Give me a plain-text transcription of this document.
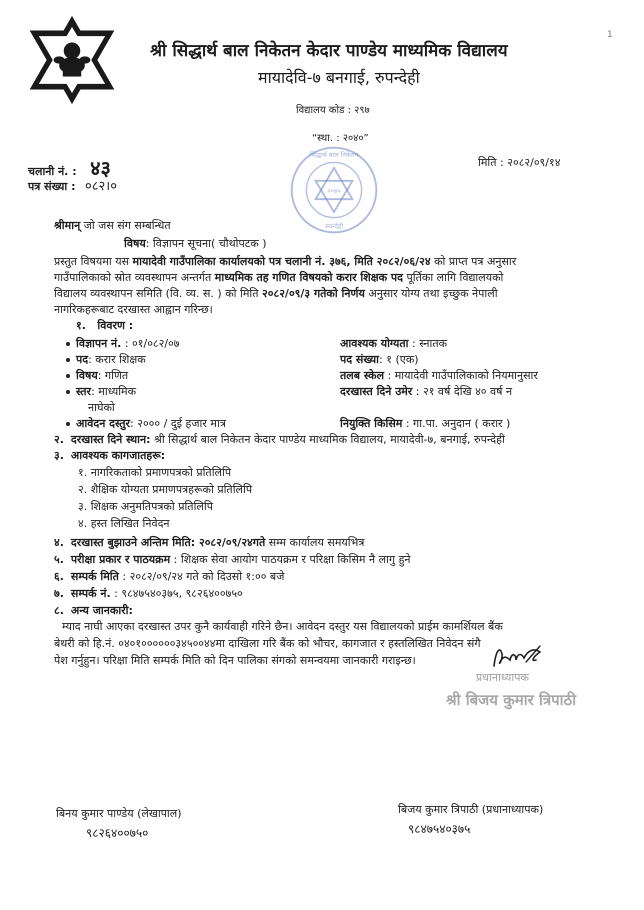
1
श्री सिद्धार्थ बाल निकेतन केदार पाण्डेय माध्यमिक विद्यालय
मायादेवि-७ बनगाई, रुपन्देही
विद्यालय कोड : २९७
“स्था. : २०४०”
चलानी नं. : ४३
पत्र संख्या : ०८२।०
मिति : २०८२/०९/१४
सिद्धार्थ बाल निकेतन
रुपन्देही
२०४०
श्रीमान् जो जस संग सम्बन्धित
विषय: विज्ञापन सूचना( चौथोपटक )
प्रस्तुत विषयमा यस मायादेवी गाउँपालिका कार्यालयको पत्र चलानी नं. ३७६, मिति २०८२/०६/२४ को प्राप्त पत्र अनुसार
गाउँपालिकाको स्रोत व्यवस्थापन अन्तर्गत माध्यमिक तह गणित विषयको करार शिक्षक पद पूर्तिका लागि विद्यालयको
विद्यालय व्यवस्थापन समिति (वि. व्य. स. ) को मिति २०८२/०९/३ गतेको निर्णय अनुसार योग्य तथा इच्छुक नेपाली
नागरिकहरूबाट दरखास्त आह्वान गरिन्छ।
१. विवरण :
विज्ञापन नं. : ०१/०८२/०७	आवश्यक योग्यता : स्नातक
पद: करार शिक्षक	पद संख्या: १ (एक)
विषय: गणित	तलब स्केल : मायादेवी गाउँपालिकाको नियमानुसार
स्तर: माध्यमिक	दरखास्त दिने उमेर : २१ वर्ष देखि ४० वर्ष न
नाघेको
आवेदन दस्तुर: २००० / दुई हजार मात्र	नियुक्ति किसिम : गा.पा. अनुदान ( करार )
२. दरखास्त दिने स्थान: श्री सिद्धार्थ बाल निकेतन केदार पाण्डेय माध्यमिक विद्यालय, मायादेवी-७, बनगाई, रुपन्देही
३. आवश्यक कागजातहरू:
१. नागरिकताको प्रमाणपत्रको प्रतिलिपि
२. शैक्षिक योग्यता प्रमाणपत्रहरूको प्रतिलिपि
३. शिक्षक अनुमतिपत्रको प्रतिलिपि
४. हस्त लिखित निवेदन
४. दरखास्त बुझाउने अन्तिम मिति: २०८२/०९/२४गते सम्म कार्यालय समयभित्र
५. परीक्षा प्रकार र पाठयक्रम : शिक्षक सेवा आयोग पाठयक्रम र परिक्षा किसिम नै लागु हुने
६. सम्पर्क मिति : २०८२/०९/२४ गते को दिउसो १:०० बजे
७. सम्पर्क नं. : ९८४७५४०३७५, ९८२६४००७५०
८. अन्य जानकारी:
म्याद नाघी आएका दरखास्त उपर कुनै कार्यवाही गरिने छैन। आवेदन दस्तुर यस विद्यालयको प्राईम कामर्शियल बैंक
बेथरी को हि.नं. ०४०१००००००३४५००४४मा दाखिला गरि बैंक को भौचर, कागजात र हस्तलिखित निवेदन संगै
पेश गर्नुहुन। परिक्षा मिति सम्पर्क मिति को दिन पालिका संगको समन्वयमा जानकारी गराइन्छ।
प्रधानाध्यापक
श्री बिजय कुमार त्रिपाठी
बिनय कुमार पाण्डेय (लेखापाल)
९८२६४००७५०
बिजय कुमार त्रिपाठी (प्रधानाध्यापक)
९८४७५४०३७५
